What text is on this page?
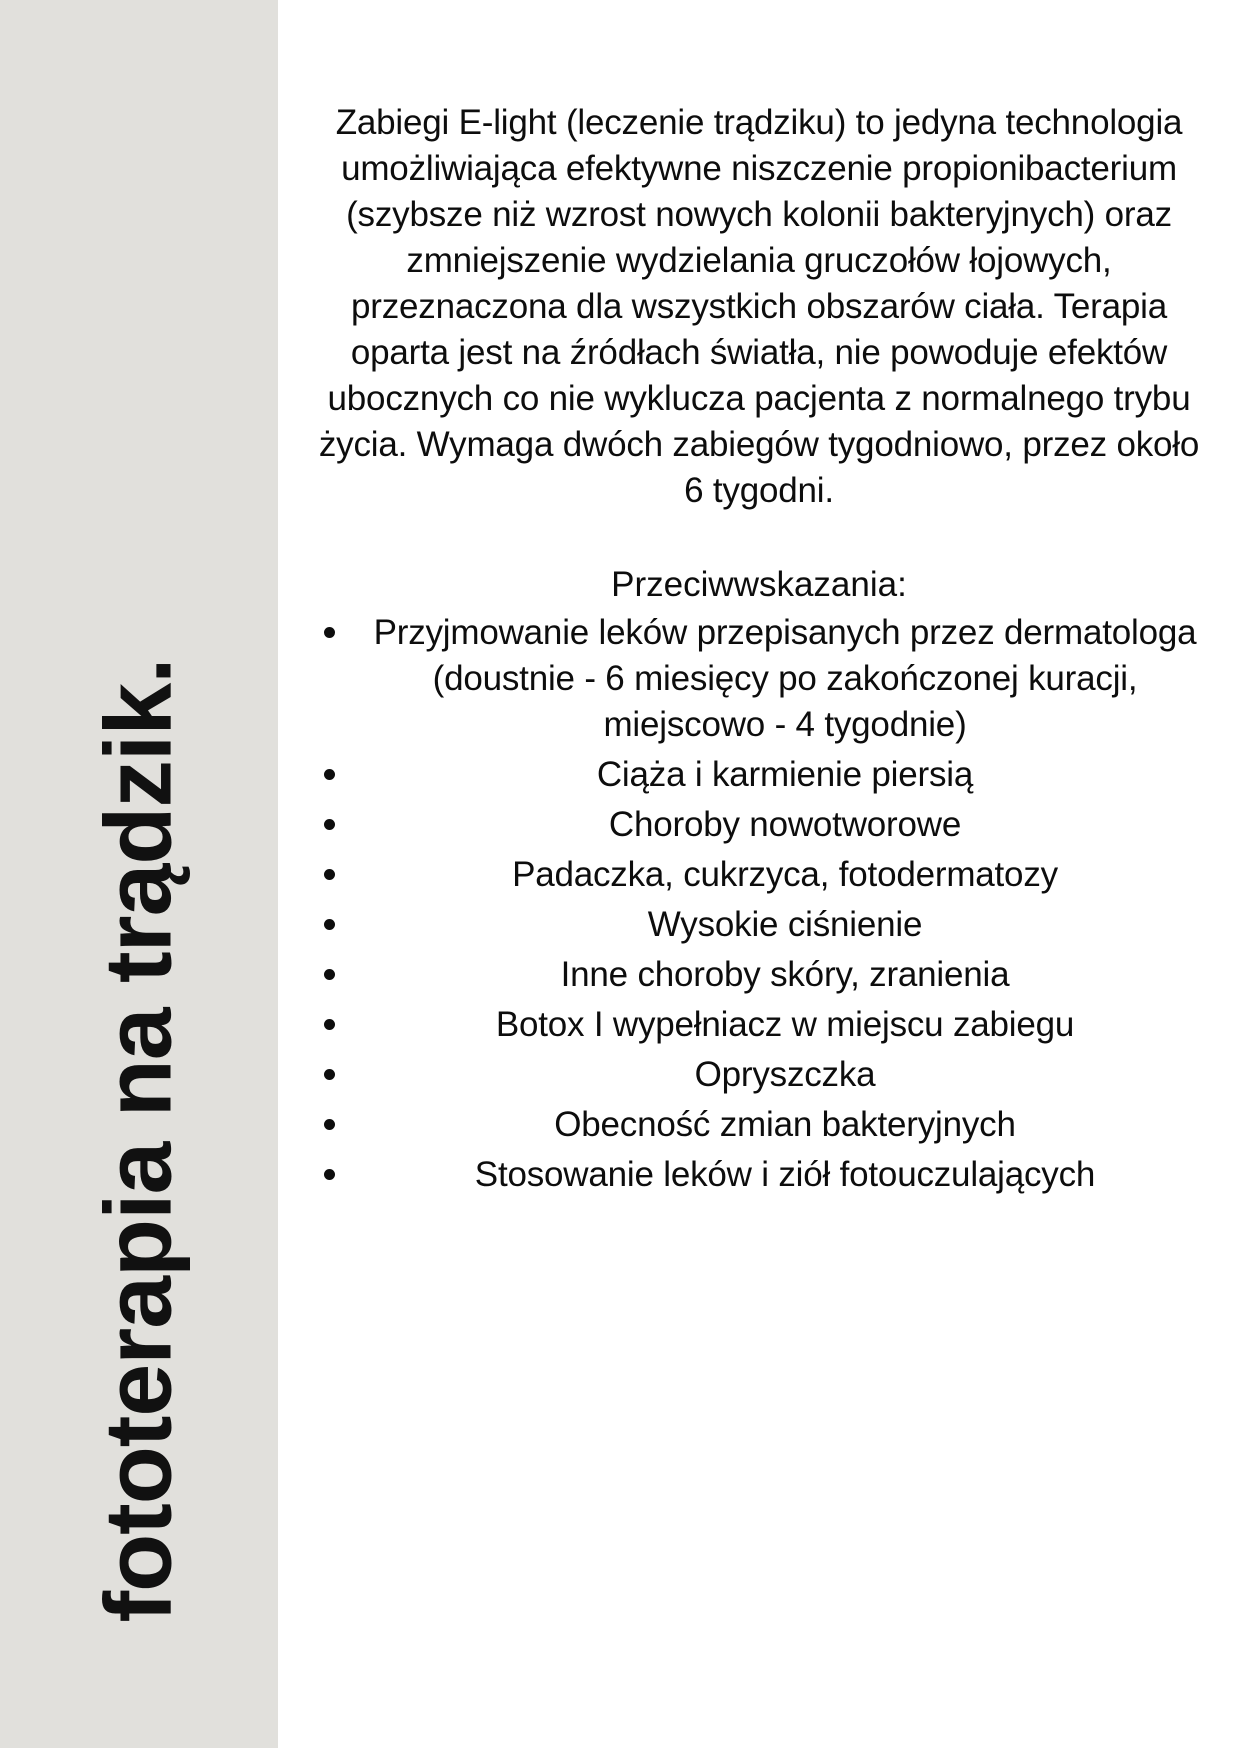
fototerapia na trądzik.

Zabiegi E-light (leczenie trądziku) to jedyna technologia umożliwiająca efektywne niszczenie propionibacterium (szybsze niż wzrost nowych kolonii bakteryjnych) oraz zmniejszenie wydzielania gruczołów łojowych, przeznaczona dla wszystkich obszarów ciała. Terapia oparta jest na źródłach światła, nie powoduje efektów ubocznych co nie wyklucza pacjenta z normalnego trybu życia. Wymaga dwóch zabiegów tygodniowo, przez około 6 tygodni.

Przeciwwskazania:
Przyjmowanie leków przepisanych przez dermatologa (doustnie - 6 miesięcy po zakończonej kuracji, miejscowo - 4 tygodnie)
Ciąża i karmienie piersią
Choroby nowotworowe
Padaczka, cukrzyca, fotodermatozy
Wysokie ciśnienie
Inne choroby skóry, zranienia
Botox I wypełniacz w miejscu zabiegu
Opryszczka
Obecność zmian bakteryjnych
Stosowanie leków i ziół fotouczulających
